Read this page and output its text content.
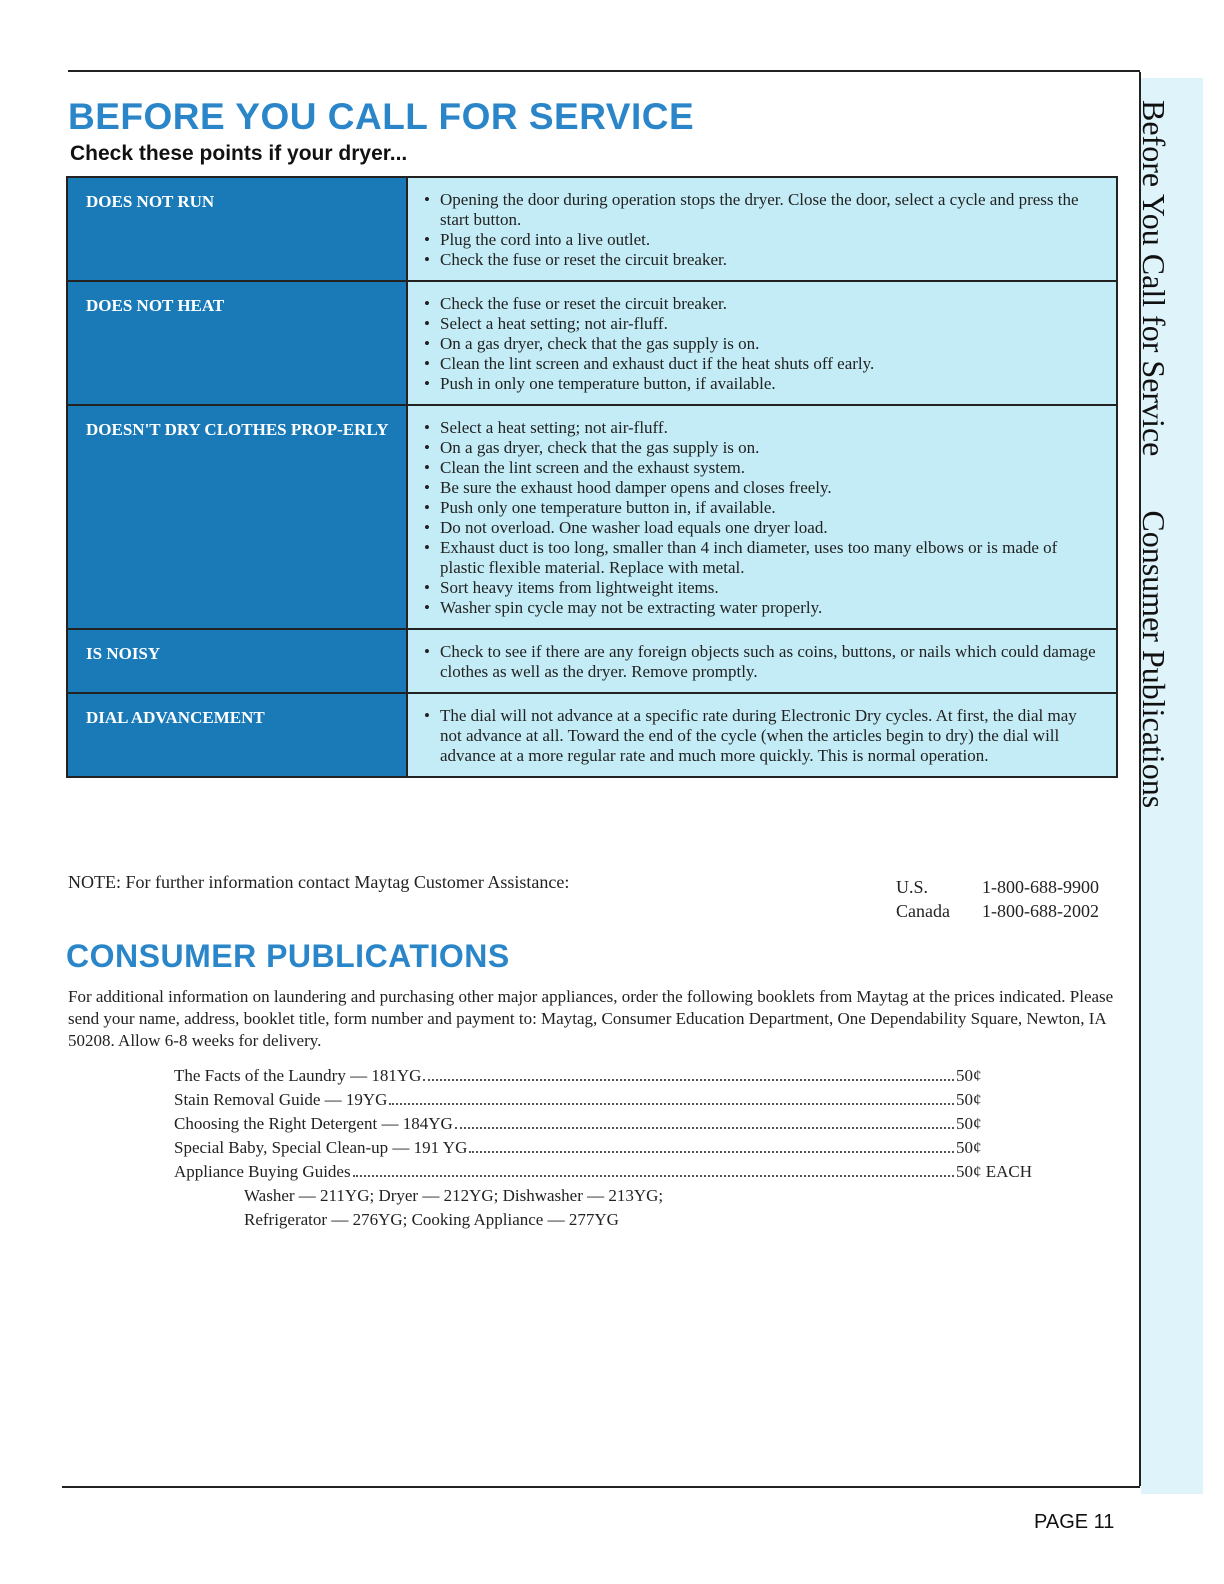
Before You Call for ServiceConsumer Publications
BEFORE YOU CALL FOR SERVICE
Check these points if your dryer...
DOES NOT RUN	• Opening the door during operation stops the dryer. Close the door, select a cycle and press the start button.
• Plug the cord into a live outlet.
• Check the fuse or reset the circuit breaker.
DOES NOT HEAT	• Check the fuse or reset the circuit breaker.
• Select a heat setting; not air-fluff.
• On a gas dryer, check that the gas supply is on.
• Clean the lint screen and exhaust duct if the heat shuts off early.
• Push in only one temperature button, if available.
DOESN'T DRY CLOTHES PROP-ERLY	• Select a heat setting; not air-fluff.
• On a gas dryer, check that the gas supply is on.
• Clean the lint screen and the exhaust system.
• Be sure the exhaust hood damper opens and closes freely.
• Push only one temperature button in, if available.
• Do not overload. One washer load equals one dryer load.
• Exhaust duct is too long, smaller than 4 inch diameter, uses too many elbows or is made of plastic flexible material. Replace with metal.
• Sort heavy items from lightweight items.
• Washer spin cycle may not be extracting water properly.
IS NOISY	• Check to see if there are any foreign objects such as coins, buttons, or nails which could damage clothes as well as the dryer. Remove promptly.
DIAL ADVANCEMENT	• The dial will not advance at a specific rate during Electronic Dry cycles. At first, the dial may not advance at all. Toward the end of the cycle (when the articles begin to dry) the dial will advance at a more regular rate and much more quickly. This is normal operation.
NOTE: For further information contact Maytag Customer Assistance:	U.S.	1-800-688-9900
Canada	1-800-688-2002
CONSUMER PUBLICATIONS
For additional information on laundering and purchasing other major appliances, order the following booklets from Maytag at the prices indicated. Please send your name, address, booklet title, form number and payment to: Maytag, Consumer Education Department, One Dependability Square, Newton, IA 50208. Allow 6-8 weeks for delivery.
The Facts of the Laundry — 181YG	50¢
Stain Removal Guide — 19YG	50¢
Choosing the Right Detergent — 184YG	50¢
Special Baby, Special Clean-up — 191 YG	50¢
Appliance Buying Guides	50¢ EACH
Washer — 211YG; Dryer — 212YG; Dishwasher — 213YG;
Refrigerator — 276YG; Cooking Appliance — 277YG
PAGE 11
